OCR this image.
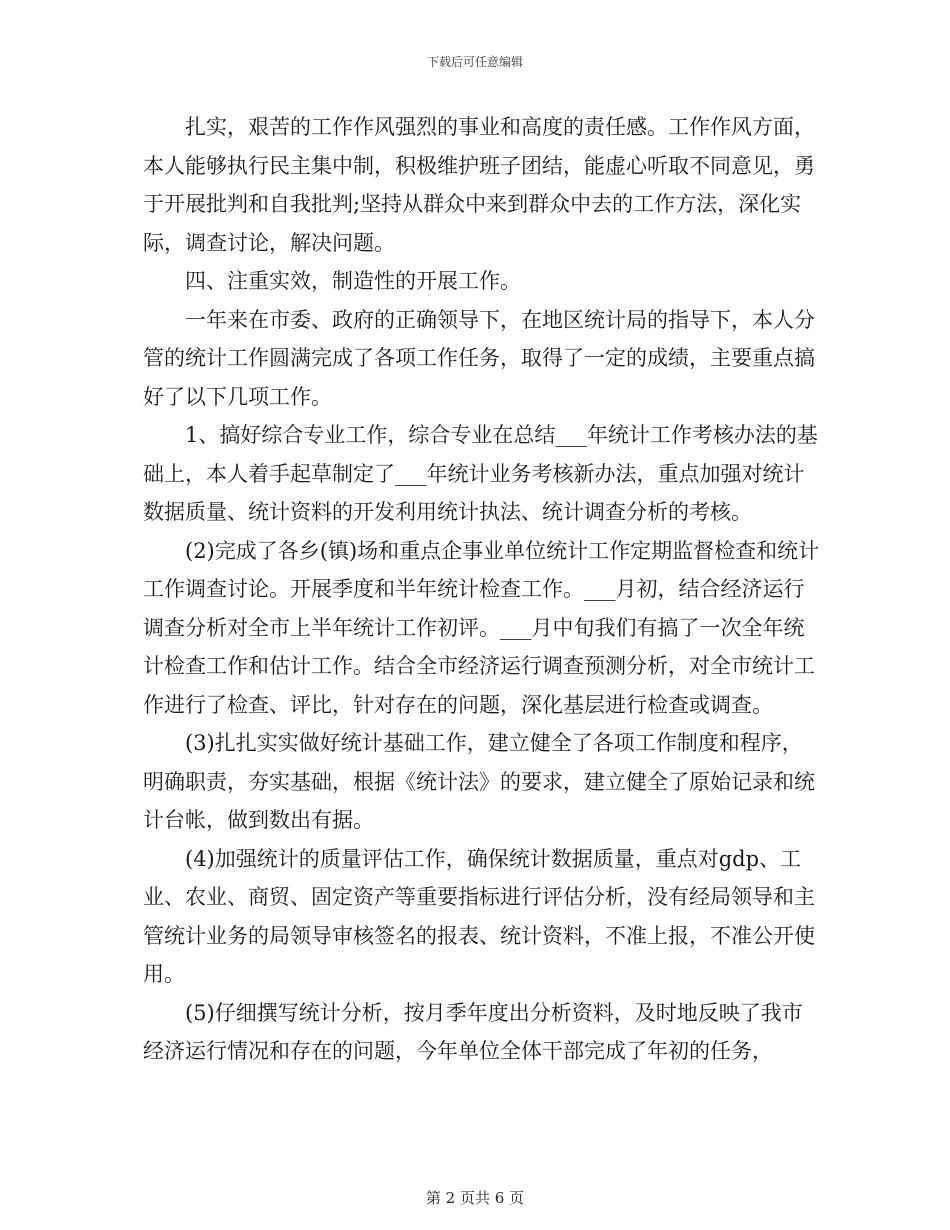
下载后可任意编辑

扎实，艰苦的工作作风强烈的事业和高度的责任感。工作作风方面，本人能够执行民主集中制，积极维护班子团结，能虚心听取不同意见，勇于开展批判和自我批判;坚持从群众中来到群众中去的工作方法，深化实际，调查讨论，解决问题。

四、注重实效，制造性的开展工作。

一年来在市委、政府的正确领导下，在地区统计局的指导下，本人分管的统计工作圆满完成了各项工作任务，取得了一定的成绩，主要重点搞好了以下几项工作。

1、搞好综合专业工作，综合专业在总结___年统计工作考核办法的基础上，本人着手起草制定了___年统计业务考核新办法，重点加强对统计数据质量、统计资料的开发利用统计执法、统计调查分析的考核。

(2)完成了各乡(镇)场和重点企事业单位统计工作定期监督检查和统计工作调查讨论。开展季度和半年统计检查工作。___月初，结合经济运行调查分析对全市上半年统计工作初评。___月中旬我们有搞了一次全年统计检查工作和估计工作。结合全市经济运行调查预测分析，对全市统计工作进行了检查、评比，针对存在的问题，深化基层进行检查或调查。

(3)扎扎实实做好统计基础工作，建立健全了各项工作制度和程序，明确职责，夯实基础，根据《统计法》的要求，建立健全了原始记录和统计台帐，做到数出有据。

(4)加强统计的质量评估工作，确保统计数据质量，重点对gdp、工业、农业、商贸、固定资产等重要指标进行评估分析，没有经局领导和主管统计业务的局领导审核签名的报表、统计资料，不准上报，不准公开使用。

(5)仔细撰写统计分析，按月季年度出分析资料，及时地反映了我市经济运行情况和存在的问题，今年单位全体干部完成了年初的任务，

第 2 页共 6 页
